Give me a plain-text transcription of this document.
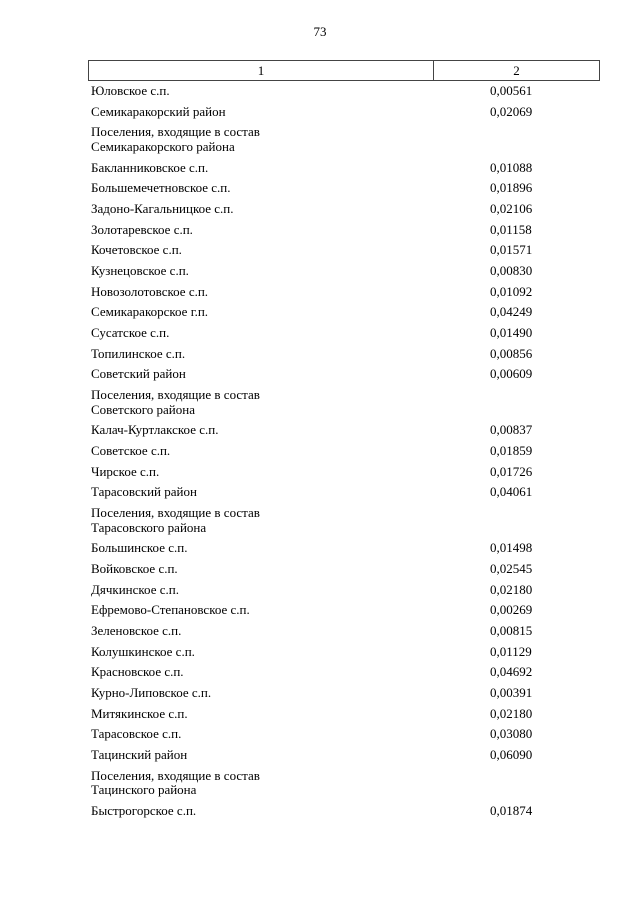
73
1	2
Юловское с.п.	0,00561
Семикаракорский район	0,02069
Поселения, входящие в состав
Семикаракорского района
Бакланниковское с.п.	0,01088
Большемечетновское с.п.	0,01896
Задоно-Кагальницкое с.п.	0,02106
Золотаревское с.п.	0,01158
Кочетовское с.п.	0,01571
Кузнецовское с.п.	0,00830
Новозолотовское с.п.	0,01092
Семикаракорское г.п.	0,04249
Сусатское с.п.	0,01490
Топилинское с.п.	0,00856
Советский район	0,00609
Поселения, входящие в состав
Советского района
Калач-Куртлакское с.п.	0,00837
Советское с.п.	0,01859
Чирское с.п.	0,01726
Тарасовский район	0,04061
Поселения, входящие в состав
Тарасовского района
Большинское с.п.	0,01498
Войковское с.п.	0,02545
Дячкинское с.п.	0,02180
Ефремово-Степановское с.п.	0,00269
Зеленовское с.п.	0,00815
Колушкинское с.п.	0,01129
Красновское с.п.	0,04692
Курно-Липовское с.п.	0,00391
Митякинское с.п.	0,02180
Тарасовское с.п.	0,03080
Тацинский район	0,06090
Поселения, входящие в состав
Тацинского района
Быстрогорское с.п.	0,01874
